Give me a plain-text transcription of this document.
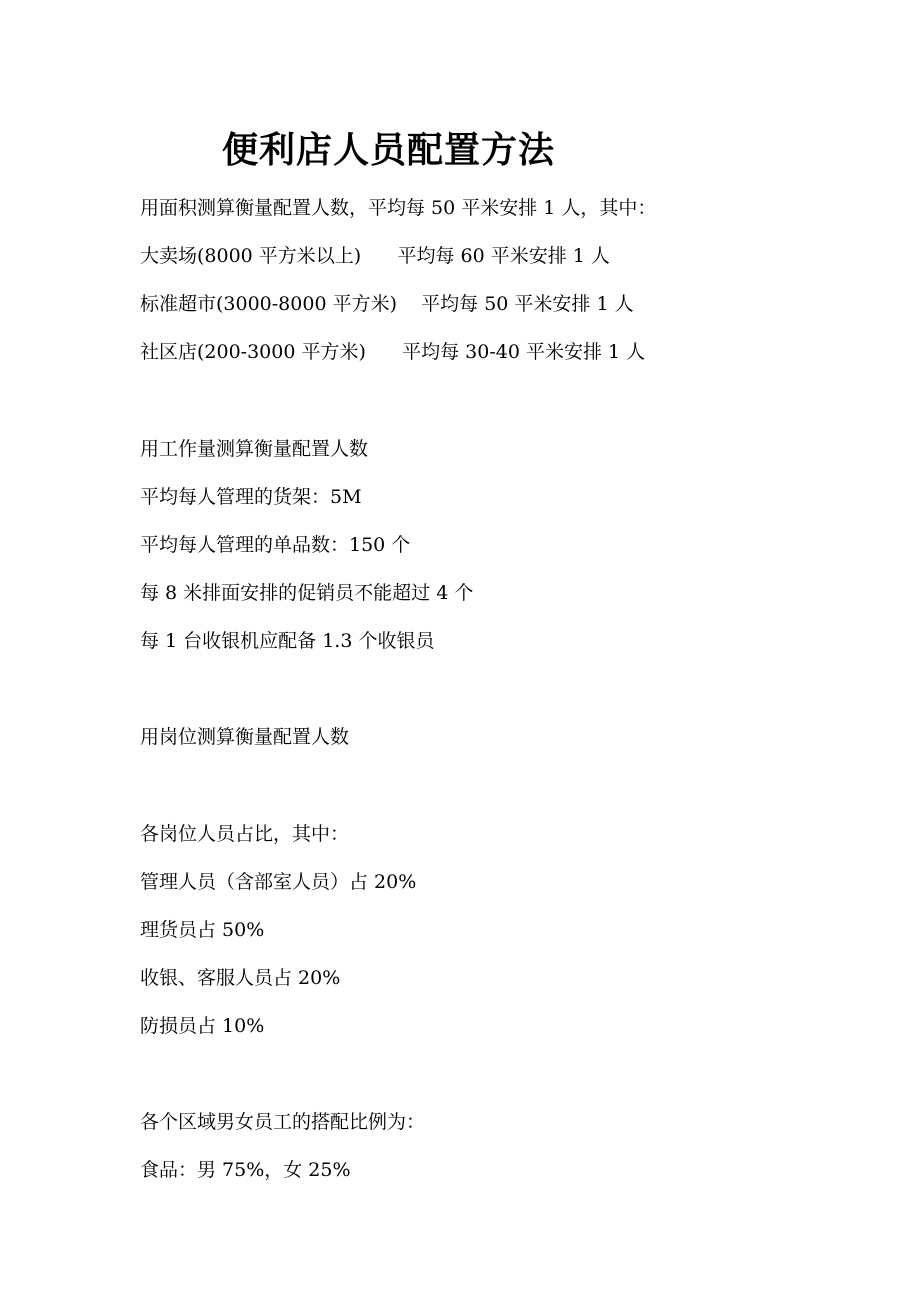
便利店人员配置方法
用面积测算衡量配置人数，平均每 50 平米安排 1 人，其中：
大卖场(8000 平方米以上)      平均每 60 平米安排 1 人
标准超市(3000-8000 平方米)    平均每 50 平米安排 1 人
社区店(200-3000 平方米)      平均每 30-40 平米安排 1 人
用工作量测算衡量配置人数
平均每人管理的货架：5M
平均每人管理的单品数：150 个
每 8 米排面安排的促销员不能超过 4 个
每 1 台收银机应配备 1.3 个收银员
用岗位测算衡量配置人数
各岗位人员占比，其中：
管理人员（含部室人员）占 20%
理货员占 50%
收银、客服人员占 20%
防损员占 10%
各个区域男女员工的搭配比例为：
食品：男 75%，女 25%
